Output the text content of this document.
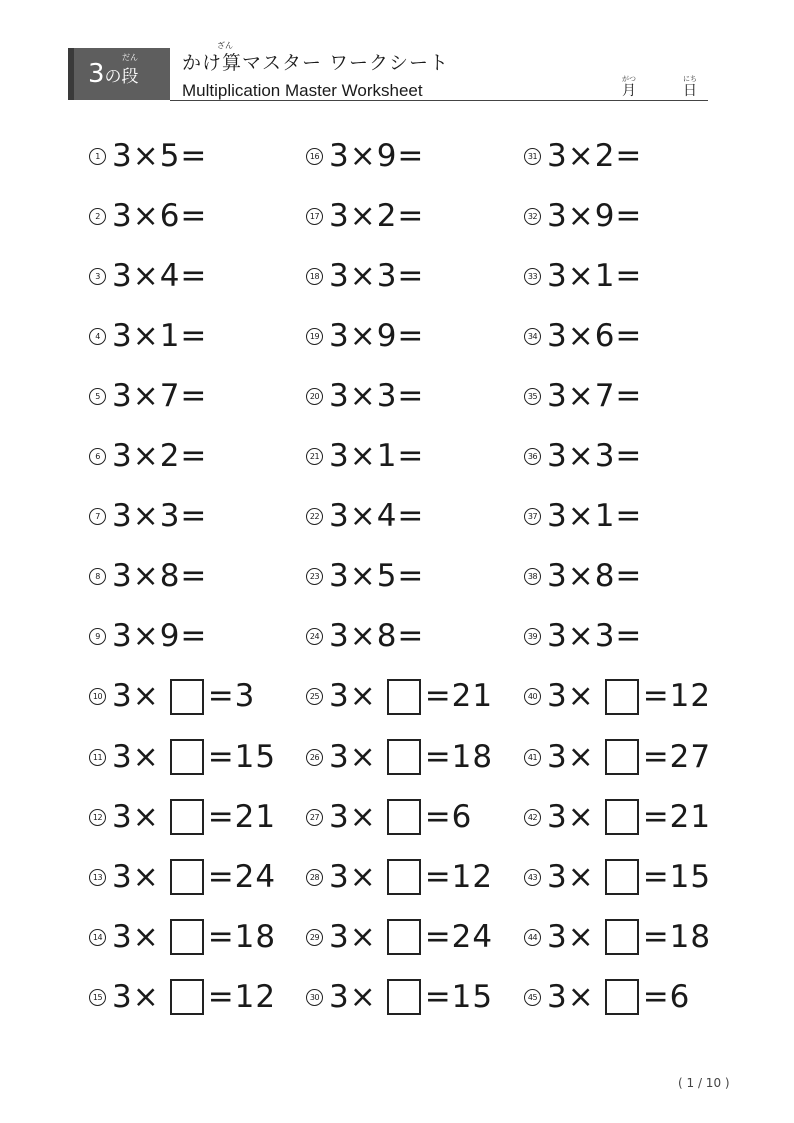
だん
3の段
ざん
かけ算マスター ワークシート
Multiplication Master Worksheet
がつ
月
にち
日
1 3×5=
2 3×6=
3 3×4=
4 3×1=
5 3×7=
6 3×2=
7 3×3=
8 3×8=
9 3×9=
10 3× =3
11 3× =15
12 3× =21
13 3× =24
14 3× =18
15 3× =12
16 3×9=
17 3×2=
18 3×3=
19 3×9=
20 3×3=
21 3×1=
22 3×4=
23 3×5=
24 3×8=
25 3× =21
26 3× =18
27 3× =6
28 3× =12
29 3× =24
30 3× =15
31 3×2=
32 3×9=
33 3×1=
34 3×6=
35 3×7=
36 3×3=
37 3×1=
38 3×8=
39 3×3=
40 3× =12
41 3× =27
42 3× =21
43 3× =15
44 3× =18
45 3× =6
( 1 / 10 )
